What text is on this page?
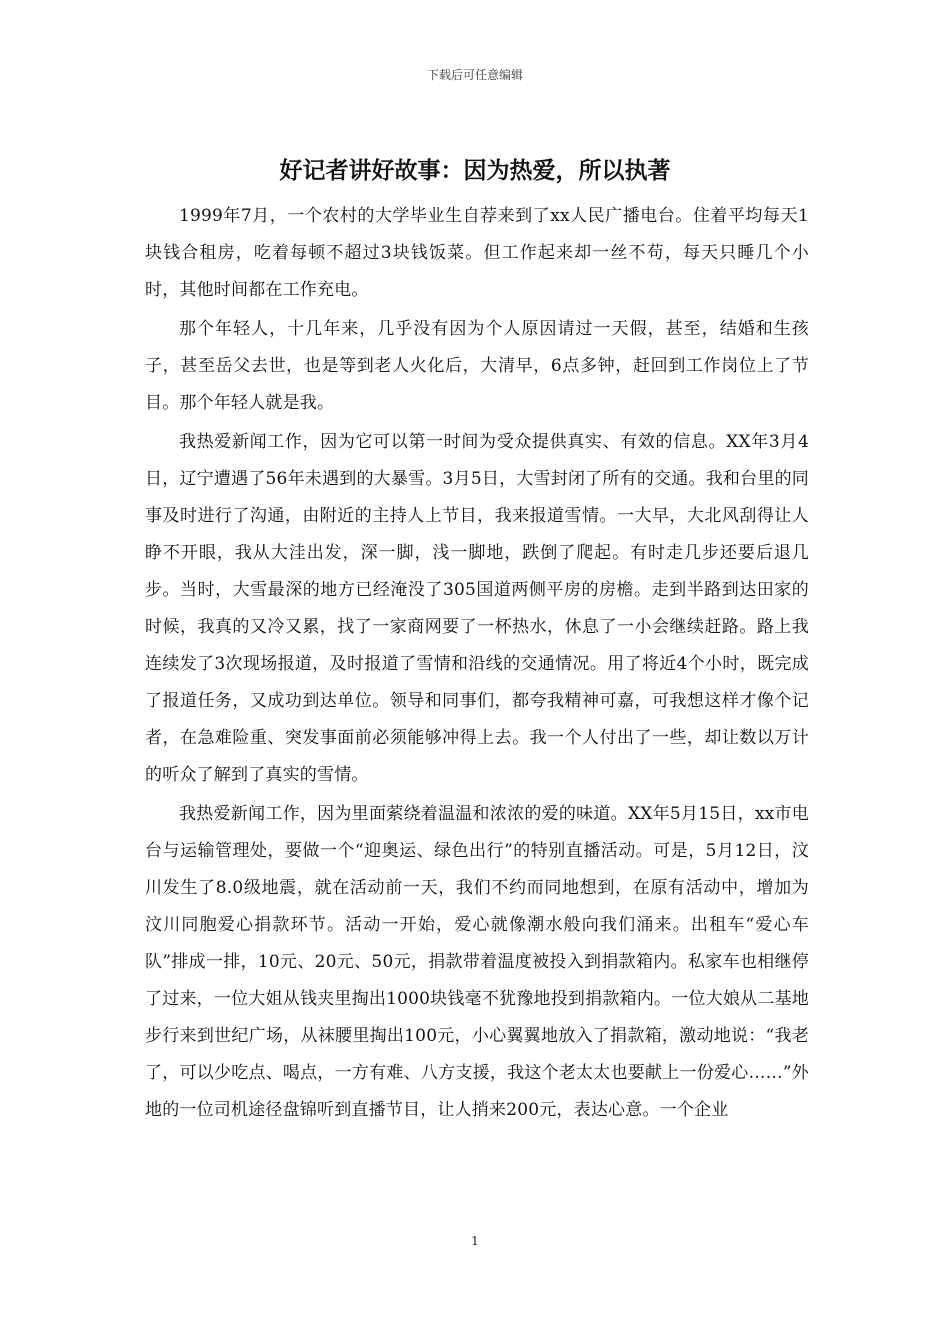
下载后可任意编辑
好记者讲好故事：因为热爱，所以执著

1999年7月，一个农村的大学毕业生自荐来到了xx人民广播电台。住着平均每天1块钱合租房，吃着每顿不超过3块钱饭菜。但工作起来却一丝不苟，每天只睡几个小时，其他时间都在工作充电。

那个年轻人，十几年来，几乎没有因为个人原因请过一天假，甚至，结婚和生孩子，甚至岳父去世，也是等到老人火化后，大清早，6点多钟，赶回到工作岗位上了节目。那个年轻人就是我。

我热爱新闻工作，因为它可以第一时间为受众提供真实、有效的信息。XX年3月4日，辽宁遭遇了56年未遇到的大暴雪。3月5日，大雪封闭了所有的交通。我和台里的同事及时进行了沟通，由附近的主持人上节目，我来报道雪情。一大早，大北风刮得让人睁不开眼，我从大洼出发，深一脚，浅一脚地，跌倒了爬起。有时走几步还要后退几步。当时，大雪最深的地方已经淹没了305国道两侧平房的房檐。走到半路到达田家的时候，我真的又冷又累，找了一家商网要了一杯热水，休息了一小会继续赶路。路上我连续发了3次现场报道，及时报道了雪情和沿线的交通情况。用了将近4个小时，既完成了报道任务，又成功到达单位。领导和同事们，都夸我精神可嘉，可我想这样才像个记者，在急难险重、突发事面前必须能够冲得上去。我一个人付出了一些，却让数以万计的听众了解到了真实的雪情。

我热爱新闻工作，因为里面萦绕着温温和浓浓的爱的味道。XX年5月15日，xx市电台与运输管理处，要做一个“迎奥运、绿色出行”的特别直播活动。可是，5月12日，汶川发生了8.0级地震，就在活动前一天，我们不约而同地想到，在原有活动中，增加为汶川同胞爱心捐款环节。活动一开始，爱心就像潮水般向我们涌来。出租车“爱心车队”排成一排，10元、20元、50元，捐款带着温度被投入到捐款箱内。私家车也相继停了过来，一位大姐从钱夹里掏出1000块钱毫不犹豫地投到捐款箱内。一位大娘从二基地步行来到世纪广场，从袜腰里掏出100元，小心翼翼地放入了捐款箱，激动地说：“我老了，可以少吃点、喝点，一方有难、八方支援，我这个老太太也要献上一份爱心……”外地的一位司机途径盘锦听到直播节目，让人捎来200元，表达心意。一个企业

1
